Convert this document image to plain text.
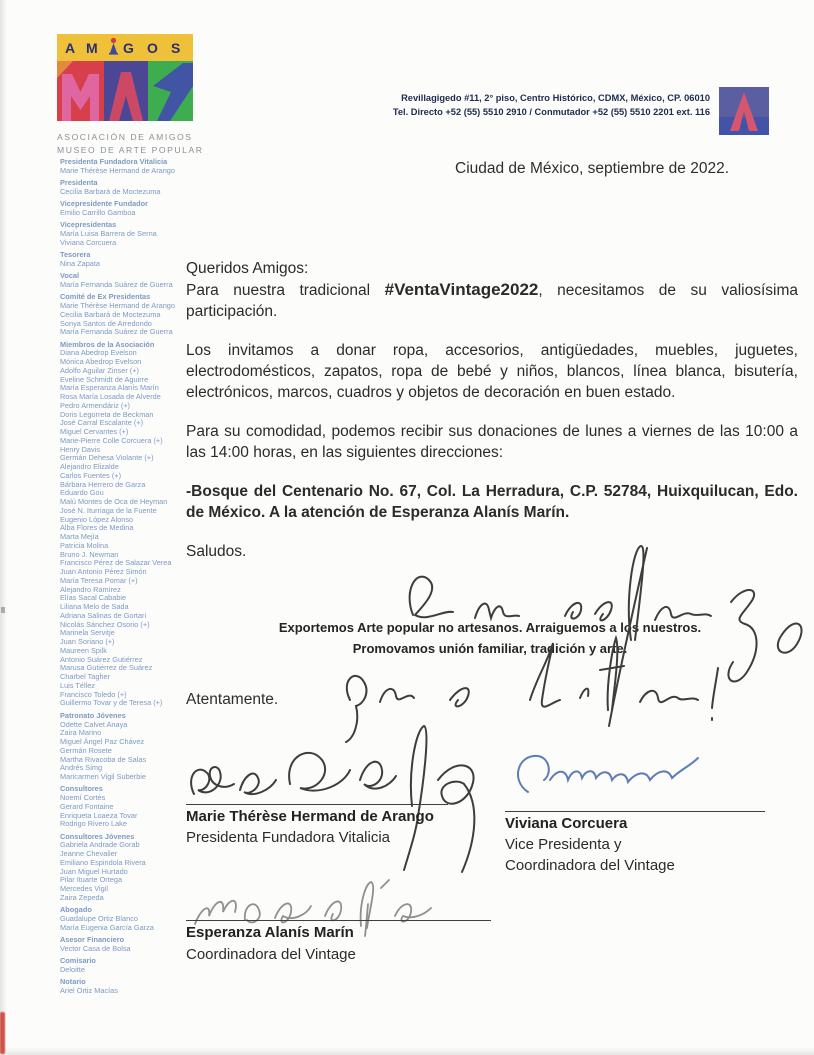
A M G O S
ASOCIACIÓN DE AMIGOS
MUSEO DE ARTE POPULAR
Presidenta Fundadora Vitalicia
Marie Thérèse Hermand de Arango
Presidenta
Cecilia Barbará de Moctezuma
Vicepresidente Fundador
Emilio Carrillo Gamboa
Vicepresidentas
María Luisa Barrera de Serna
Viviana Corcuera
Tesorera
Nina Zapata
Vocal
María Fernanda Suárez de Guerra
Comité de Ex Presidentas
Marie Thérèse Hermand de Arango
Cecilia Barbará de Moctezuma
Sonya Santos de Arredondo
María Fernanda Suárez de Guerra
Miembros de la Asociación
Diana Abedrop Evelson
Mónica Abedrop Evelson
Adolfo Aguilar Zinser (+)
Eveline Schmidt de Aguirre
María Esperanza Alanís Marín
Rosa María Losada de Alverde
Pedro Armendáriz (+)
Doris Legorreta de Beckman
José Carral Escalante (+)
Miguel Cervantes (+)
Marie-Pierre Colle Corcuera (+)
Henry Davis
Germán Dehesa Violante (+)
Alejandro Elizalde
Carlos Fuentes (+)
Bárbara Herrero de Garza
Eduardo Gou
Malú Montes de Oca de Heyman
José N. Iturriaga de la Fuente
Eugenio López Alonso
Alba Flores de Medina
Marta Mejía
Patricia Molina
Bruno J. Newman
Francisco Pérez de Salazar Verea
Juan Antonio Pérez Simón
María Teresa Pomar (+)
Alejandro Ramírez
Elías Sacal Cababie
Liliana Melo de Sada
Adriana Salinas de Gortari
Nicolás Sánchez Osorio (+)
Marinela Servitje
Juan Soriano (+)
Maureen Spilk
Antonio Suárez Gutiérrez
Marusa Gutiérrez de Suárez
Charbel Tagher
Luis Téllez
Francisco Toledo (+)
Guillermo Tovar y de Teresa (+)
Patronato Jóvenes
Odette Calvet Anaya
Zaira Marino
Miguel Ángel Paz Chávez
Germán Rosete
Martha Rivacoba de Salas
Andrés Simg
Maricarmen Vigil Suberbie
Consultores
Noemí Cortés
Gerard Fontaine
Enriqueta Loaeza Tovar
Rodrigo Rivero Lake
Consultores Jóvenes
Gabriela Andrade Gorab
Jeanne Chevalier
Emiliano Espindola Rivera
Juan Miguel Hurtado
Pilar Ituarte Ortega
Mercedes Vigil
Zaira Zepeda
Abogado
Guadalupe Ortiz Blanco
María Eugenia García Garza
Asesor Financiero
Vector Casa de Bolsa
Comisario
Deloitte
Notario
Ariel Ortiz Macías
Revillagigedo #11, 2° piso, Centro Histórico, CDMX, México, CP. 06010
Tel. Directo +52 (55) 5510 2910 / Conmutador +52 (55) 5510 2201 ext. 116
Ciudad de México, septiembre de 2022.
Queridos Amigos:
Para nuestra tradicional #VentaVintage2022, necesitamos de su valiosísima participación.
Los invitamos a donar ropa, accesorios, antigüedades, muebles, juguetes, electrodomésticos, zapatos, ropa de bebé y niños, blancos, línea blanca, bisutería, electrónicos, marcos, cuadros y objetos de decoración en buen estado.
Para su comodidad, podemos recibir sus donaciones de lunes a viernes de las 10:00 a las 14:00 horas, en las siguientes direcciones:
-Bosque del Centenario No. 67, Col. La Herradura, C.P. 52784, Huixquilucan, Edo. de México. A la atención de Esperanza Alanís Marín.
Saludos.
Exportemos Arte popular no artesanos. Arraiguemos a los nuestros.
Promovamos unión familiar, tradición y arte.
Atentamente.
Marie Thérèse Hermand de Arango
Presidenta Fundadora Vitalicia
Viviana Corcuera
Vice Presidenta y
Coordinadora del Vintage
Esperanza Alanís Marín
Coordinadora del Vintage
